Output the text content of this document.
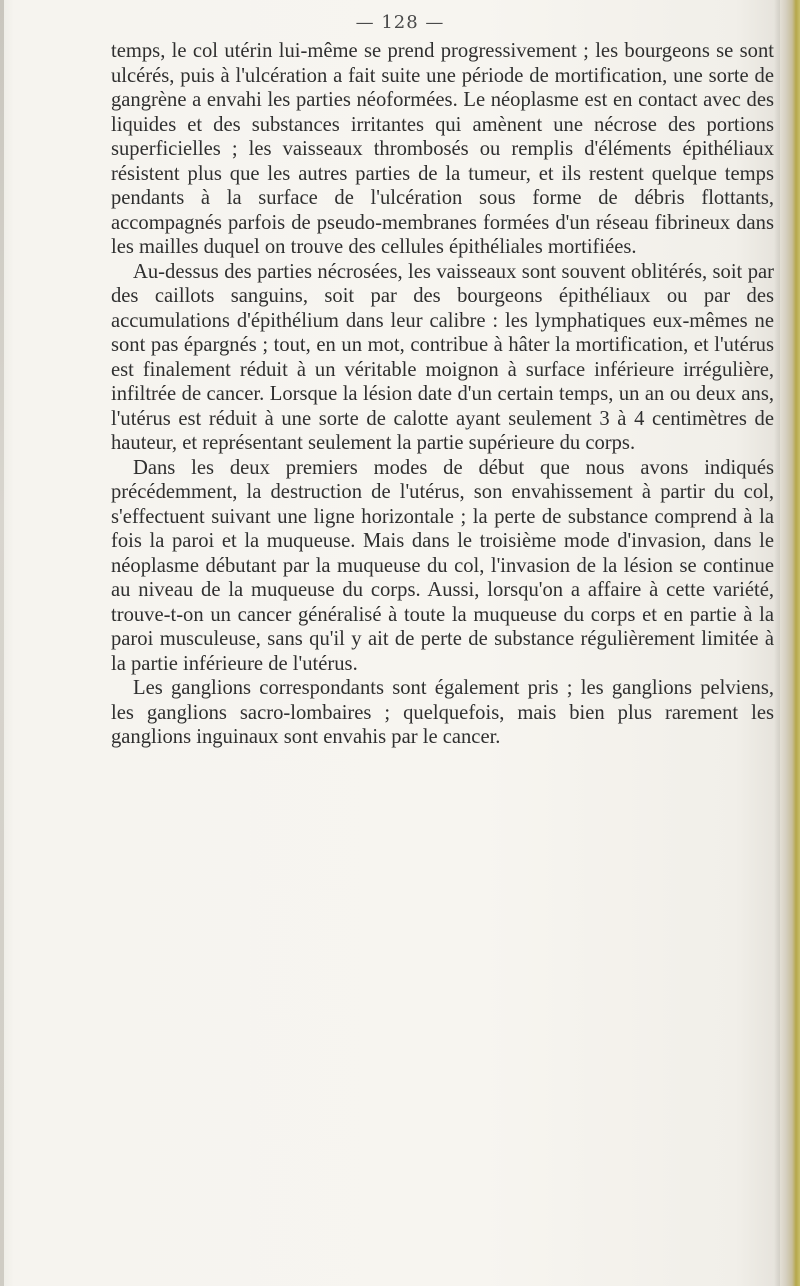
— 128 —

temps, le col utérin lui-même se prend progressivement ; les bourgeons se sont ulcérés, puis à l'ulcération a fait suite une période de mortification, une sorte de gangrène a envahi les parties néoformées. Le néoplasme est en contact avec des liquides et des substances irritantes qui amènent une nécrose des portions superficielles ; les vaisseaux thrombosés ou remplis d'éléments épithéliaux résistent plus que les autres parties de la tumeur, et ils restent quelque temps pendants à la surface de l'ulcération sous forme de débris flottants, accompagnés parfois de pseudo-membranes formées d'un réseau fibrineux dans les mailles duquel on trouve des cellules épithéliales mortifiées.

Au-dessus des parties nécrosées, les vaisseaux sont souvent oblitérés, soit par des caillots sanguins, soit par des bourgeons épithéliaux ou par des accumulations d'épithélium dans leur calibre : les lymphatiques eux-mêmes ne sont pas épargnés ; tout, en un mot, contribue à hâter la mortification, et l'utérus est finalement réduit à un véritable moignon à surface inférieure irrégulière, infiltrée de cancer. Lorsque la lésion date d'un certain temps, un an ou deux ans, l'utérus est réduit à une sorte de calotte ayant seulement 3 à 4 centimètres de hauteur, et représentant seulement la partie supérieure du corps.

Dans les deux premiers modes de début que nous avons indiqués précédemment, la destruction de l'utérus, son envahissement à partir du col, s'effectuent suivant une ligne horizontale ; la perte de substance comprend à la fois la paroi et la muqueuse. Mais dans le troisième mode d'invasion, dans le néoplasme débutant par la muqueuse du col, l'invasion de la lésion se continue au niveau de la muqueuse du corps. Aussi, lorsqu'on a affaire à cette variété, trouve-t-on un cancer généralisé à toute la muqueuse du corps et en partie à la paroi musculeuse, sans qu'il y ait de perte de substance régulièrement limitée à la partie inférieure de l'utérus.

Les ganglions correspondants sont également pris ; les ganglions pelviens, les ganglions sacro-lombaires ; quelquefois, mais bien plus rarement les ganglions inguinaux sont envahis par le cancer.
